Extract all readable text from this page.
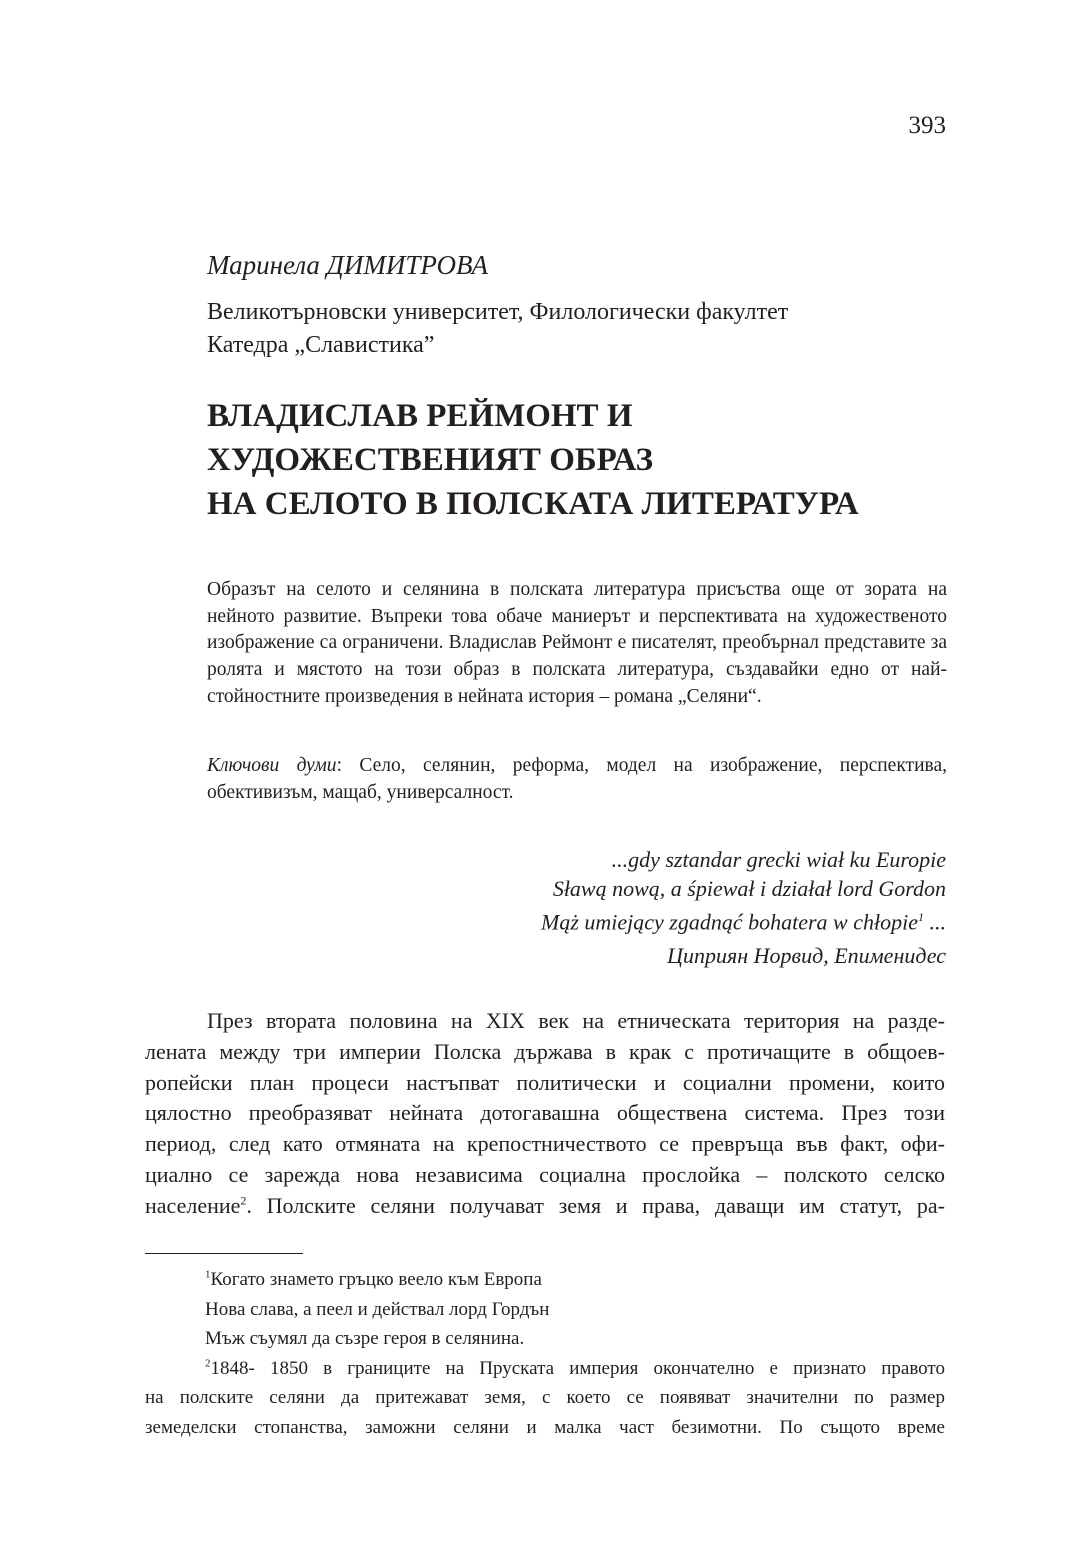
393
Маринела ДИМИТРОВА
Великотърновски университет, Филологически факултет
Катедра „Славистика”
ВЛАДИСЛАВ РЕЙМОНТ И
ХУДОЖЕСТВЕНИЯТ ОБРАЗ
НА СЕЛОТО В ПОЛСКАТА ЛИТЕРАТУРА

Образът на селото и селянина в полската литература присъства още от зората на нейното развитие. Въпреки това обаче маниерът и перспективата на художественото изображение са ограничени. Владислав Реймонт е писателят, преобърнал представите за ролята и мястото на този образ в полската литература, създавайки едно от най-стойностните произведения в нейната история – романа „Селяни“.

Ключови думи: Село, селянин, реформа, модел на изображение, перспектива, обективизъм, мащаб, универсалност.
...gdy sztandar grecki wiał ku Europie
Sławą nową, a śpiewał i działał lord Gordon
Mąż umiejący zgadnąć bohatera w chłopie$^1$ ...
Циприян Норвид, Епименидес
През втората половина на XIX век на етническата територия на разде-
лената между три империи Полска държава в крак с протичащите в общоев-
ропейски план процеси настъпват политически и социални промени, които
цялостно преобразяват нейната дотогавашна обществена система. През този
период, след като отмяната на крепостничеството се превръща във факт, офи-
циално се зарежда нова независима социална прослойка – полското селско
население$^2$. Полските селяни получават земя и права, даващи им статут, ра-
$^1$Когато знамето гръцко веело към Европа
Нова слава, а пеел и действал лорд Гордън
Мъж съумял да съзре героя в селянина.
$^2$1848- 1850 в границите на Пруската империя окончателно е признато правото
на полските селяни да притежават земя, с което се появяват значителни по размер
земеделски стопанства, заможни селяни и малка част безимотни. По същото време
